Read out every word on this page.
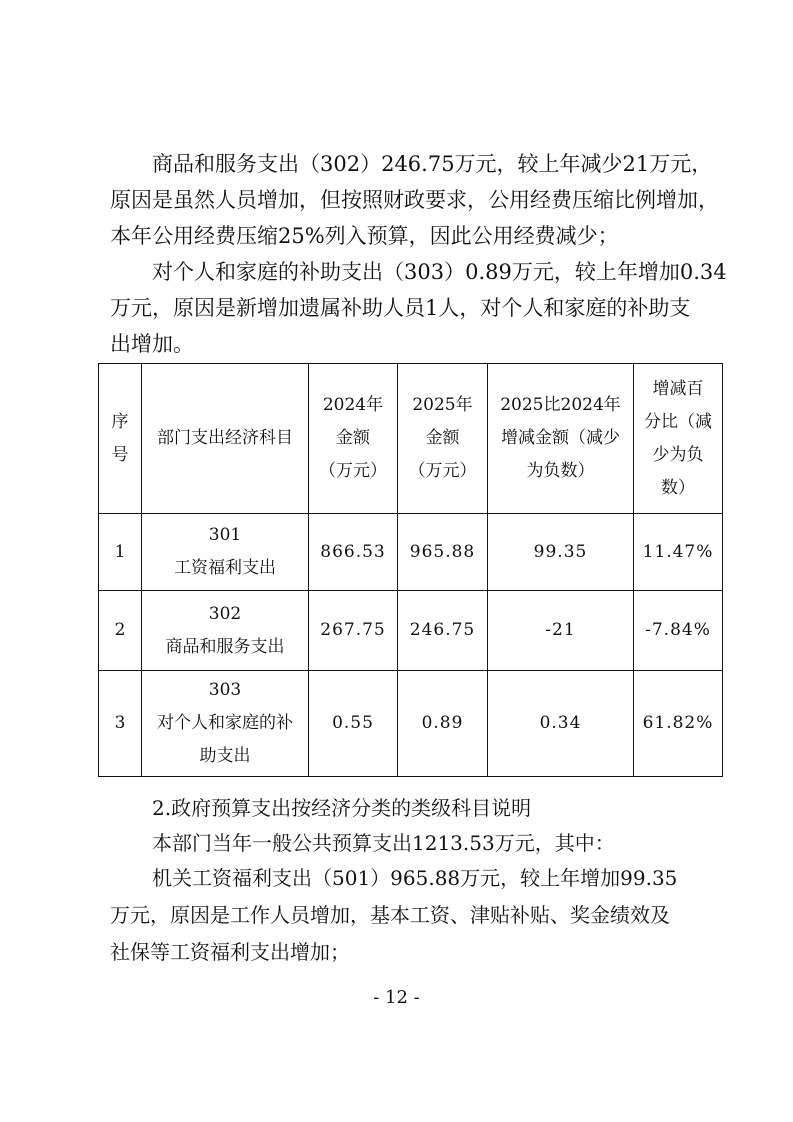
商品和服务支出（302）246.75万元，较上年减少21万元，
原因是虽然人员增加，但按照财政要求，公用经费压缩比例增加，
本年公用经费压缩25%列入预算，因此公用经费减少；
对个人和家庭的补助支出（303）0.89万元，较上年增加0.34
万元，原因是新增加遗属补助人员1人，对个人和家庭的补助支
出增加。
序
号	部门支出经济科目	2024年
金额
（万元）	2025年
金额
（万元）	2025比2024年
增减金额（减少
为负数）	增减百
分比（减
少为负
数）

1	301
工资福利支出	866.53	965.88	99.35	11.47%
2	302
商品和服务支出	267.75	246.75	-21	-7.84%
3	303
对个人和家庭的补
助支出	0.55	0.89	0.34	61.82%
2.政府预算支出按经济分类的类级科目说明
本部门当年一般公共预算支出1213.53万元，其中：
机关工资福利支出（501）965.88万元，较上年增加99.35
万元，原因是工作人员增加，基本工资、津贴补贴、奖金绩效及
社保等工资福利支出增加；
- 12 -
